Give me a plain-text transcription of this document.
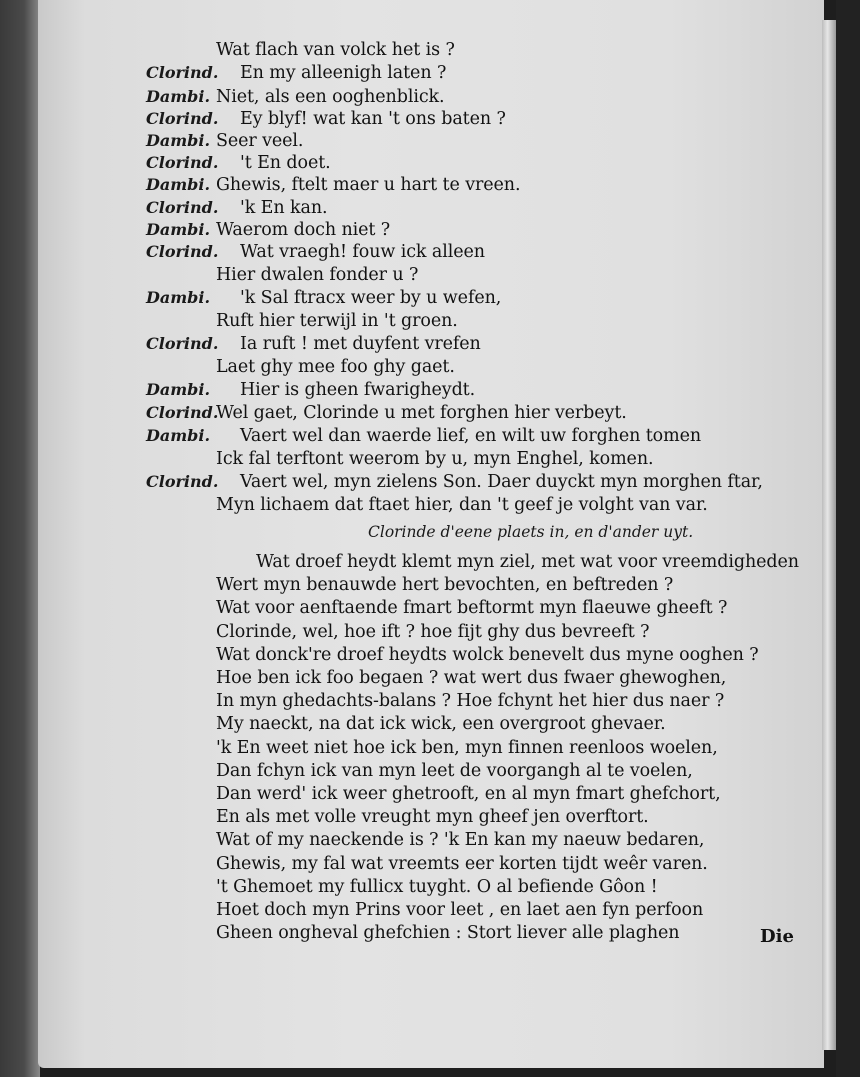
Wat flach van volck het is ?
Clorind. En my alleenigh laten ?
Dambi. Niet, als een ooghenblick.
Clorind. Ey blyf! wat kan 't ons baten ?
Dambi. Seer veel.
Clorind. 't En doet.
Dambi. Ghewis, ftelt maer u hart te vreen.
Clorind. 'k En kan.
Dambi. Waerom doch niet ?
Clorind. Wat vraegh! fouw ick alleen
Hier dwalen fonder u ?
Dambi. 'k Sal ftracx weer by u wefen,
Ruft hier terwijl in 't groen.
Clorind. Ia ruft ! met duyfent vrefen
Laet ghy mee foo ghy gaet.
Dambi. Hier is gheen fwarigheydt.
Clorind.
Wel gaet, Clorinde u met forghen hier verbeyt.
Dambi. Vaert wel dan waerde lief, en wilt uw forghen tomen
Ick fal terftont weerom by u, myn Enghel, komen.
Clorind. Vaert wel, myn zielens Son. Daer duyckt myn morghen ftar,
Myn lichaem dat ftaet hier, dan 't geef je volght van var.
Clorinde d'eene plaets in, en d'ander uyt.
Wat droef heydt klemt myn ziel, met wat voor vreemdigheden
Wert myn benauwde hert bevochten, en beftreden ?
Wat voor aenftaende fmart beftormt myn flaeuwe gheeft ?
Clorinde, wel, hoe ift ? hoe fijt ghy dus bevreeft ?
Wat donck're droef heydts wolck benevelt dus myne ooghen ?
Hoe ben ick foo begaen ? wat wert dus fwaer ghewoghen,
In myn ghedachts-balans ? Hoe fchynt het hier dus naer ?
My naeckt, na dat ick wick, een overgroot ghevaer.
'k En weet niet hoe ick ben, myn finnen reenloos woelen,
Dan fchyn ick van myn leet de voorgangh al te voelen,
Dan werd' ick weer ghetrooft, en al myn fmart ghefchort,
En als met volle vreught myn gheef jen overftort.
Wat of my naeckende is ? 'k En kan my naeuw bedaren,
Ghewis, my fal wat vreemts eer korten tijdt weêr varen.
't Ghemoet my fullicx tuyght. O al befiende Gôon !
Hoet doch myn Prins voor leet , en laet aen fyn perfoon
Gheen ongheval ghefchien : Stort liever alle plaghen	Die
